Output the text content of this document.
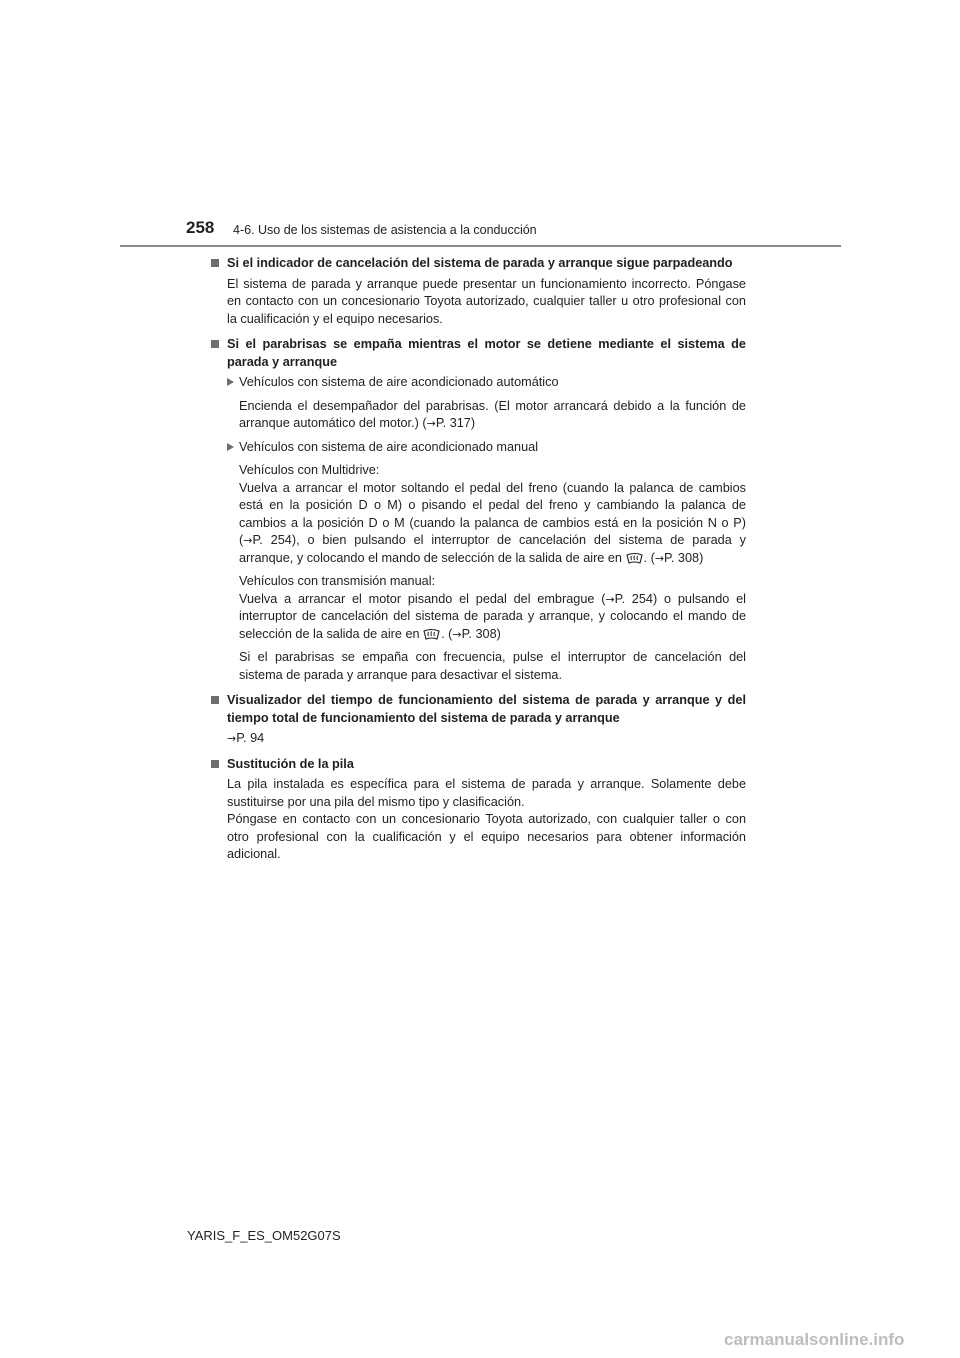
258 4-6. Uso de los sistemas de asistencia a la conducción
Si el indicador de cancelación del sistema de parada y arranque sigue parpadeando
El sistema de parada y arranque puede presentar un funcionamiento incorrecto. Póngase en contacto con un concesionario Toyota autorizado, cualquier taller u otro profesional con la cualificación y el equipo necesarios.
Si el parabrisas se empaña mientras el motor se detiene mediante el sistema de parada y arranque
Vehículos con sistema de aire acondicionado automático
Encienda el desempañador del parabrisas. (El motor arrancará debido a la función de arranque automático del motor.) (→P. 317)
Vehículos con sistema de aire acondicionado manual
Vehículos con Multidrive:
Vuelva a arrancar el motor soltando el pedal del freno (cuando la palanca de cambios está en la posición D o M) o pisando el pedal del freno y cambiando la palanca de cambios a la posición D o M (cuando la palanca de cambios está en la posición N o P) (→P. 254), o bien pulsando el interruptor de cancelación del sistema de parada y arranque, y colocando el mando de selección de la salida de aire en . (→P. 308)
Vehículos con transmisión manual:
Vuelva a arrancar el motor pisando el pedal del embrague (→P. 254) o pulsando el interruptor de cancelación del sistema de parada y arranque, y colocando el mando de selección de la salida de aire en . (→P. 308)
Si el parabrisas se empaña con frecuencia, pulse el interruptor de cancelación del sistema de parada y arranque para desactivar el sistema.
Visualizador del tiempo de funcionamiento del sistema de parada y arranque y del tiempo total de funcionamiento del sistema de parada y arranque
→P. 94
Sustitución de la pila
La pila instalada es específica para el sistema de parada y arranque. Solamente debe sustituirse por una pila del mismo tipo y clasificación.
Póngase en contacto con un concesionario Toyota autorizado, con cualquier taller o con otro profesional con la cualificación y el equipo necesarios para obtener información adicional.
YARIS_F_ES_OM52G07S
carmanualsonline.info
